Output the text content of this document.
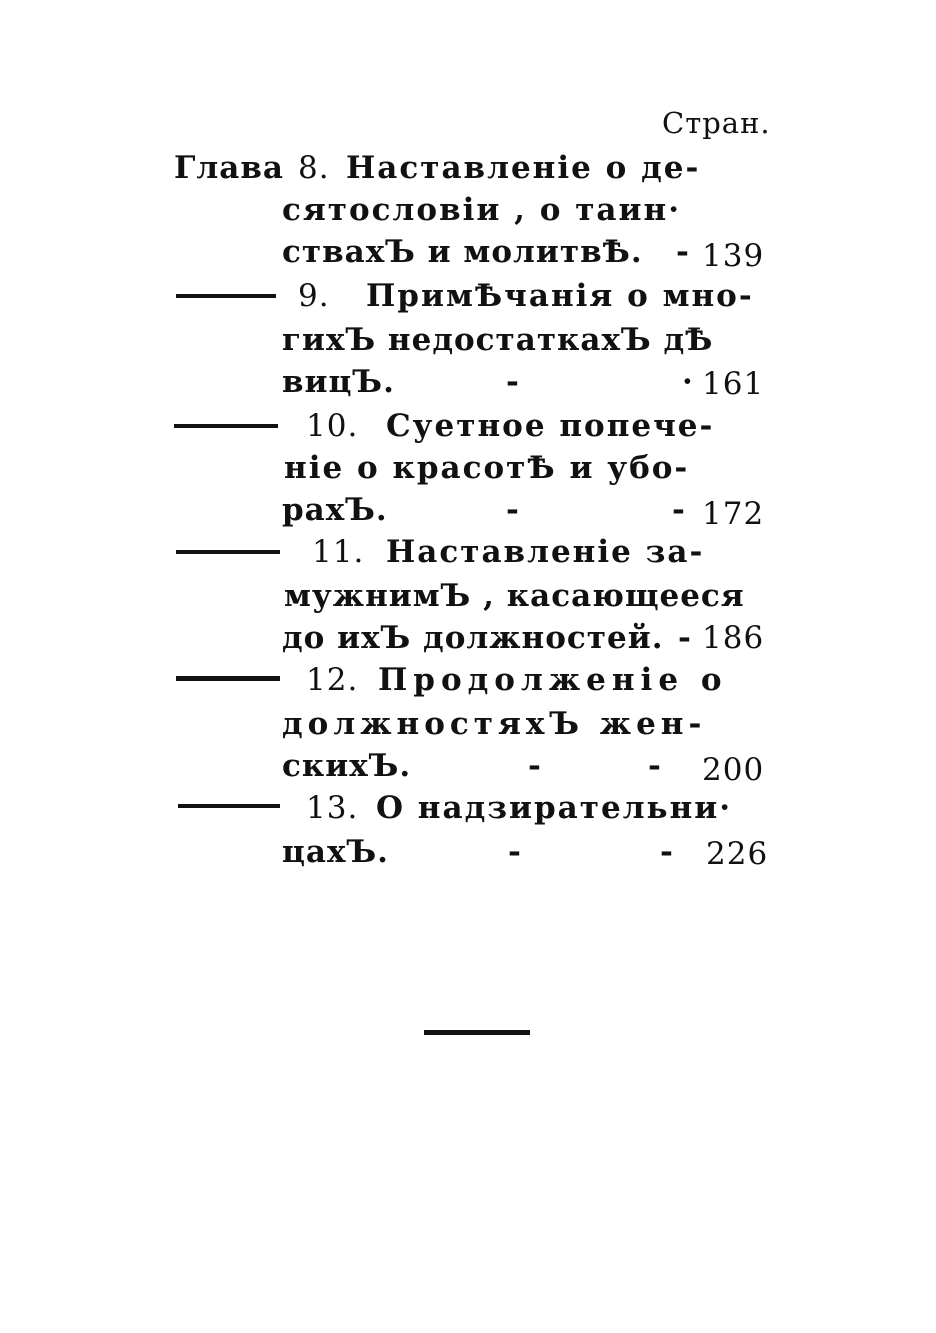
Стран.
Глава 8. Наставленіе о де-
сятословіи , о таин·
ствахЪ и молитвѢ. - 139
9. ПримѢчанія о мно-
гихЪ недостаткахЪ дѢ
вицЪ.	-	· 161
10. Суетное попече-
ніе о красотѢ и убо-
рахЪ.	-	- 172
11. Наставленіе за-
мужнимЪ , касающееся
до ихЪ должностей. - 186
12. Продолженіе о
должностяхЪ жен-
скихЪ.	-	- 200
13. О надзирательни·
цахЪ.	-	- 226
